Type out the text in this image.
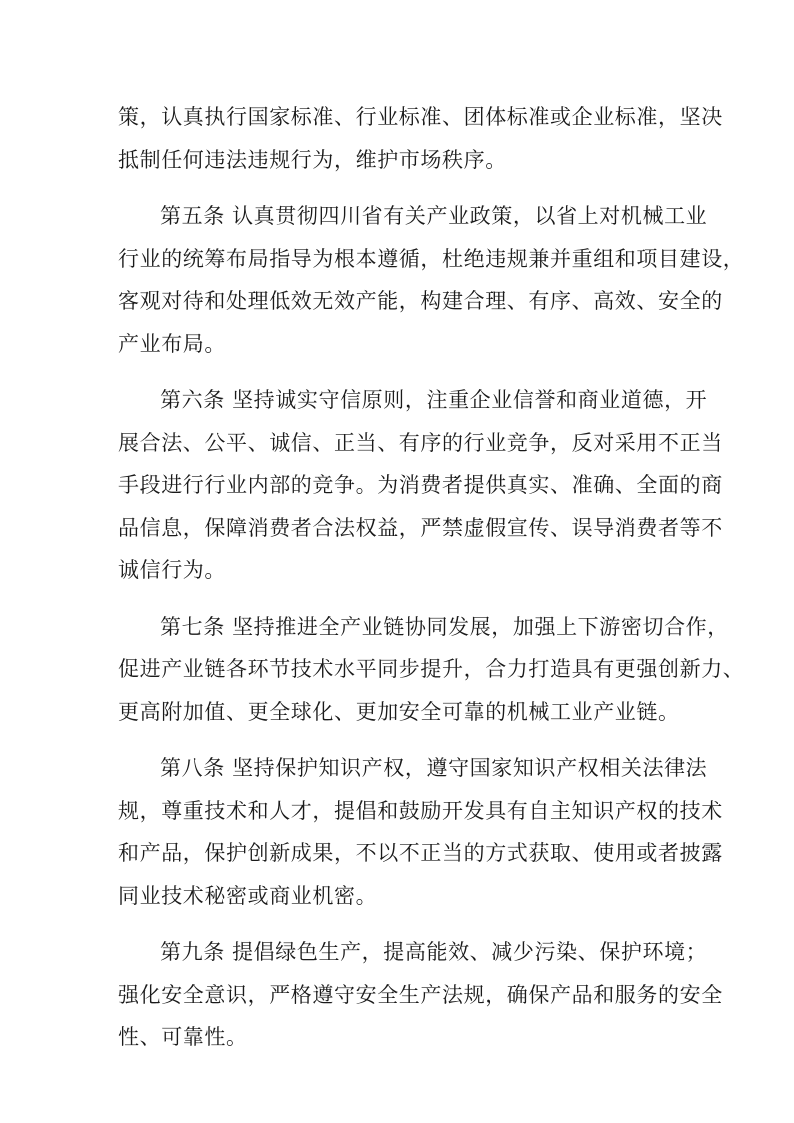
策，认真执行国家标准、行业标准、团体标准或企业标准，坚决
抵制任何违法违规行为，维护市场秩序。

第五条 认真贯彻四川省有关产业政策，以省上对机械工业
行业的统筹布局指导为根本遵循，杜绝违规兼并重组和项目建设，
客观对待和处理低效无效产能，构建合理、有序、高效、安全的
产业布局。

第六条 坚持诚实守信原则，注重企业信誉和商业道德，开
展合法、公平、诚信、正当、有序的行业竞争，反对采用不正当
手段进行行业内部的竞争。为消费者提供真实、准确、全面的商
品信息，保障消费者合法权益，严禁虚假宣传、误导消费者等不
诚信行为。

第七条 坚持推进全产业链协同发展，加强上下游密切合作，
促进产业链各环节技术水平同步提升，合力打造具有更强创新力、
更高附加值、更全球化、更加安全可靠的机械工业产业链。

第八条 坚持保护知识产权，遵守国家知识产权相关法律法
规，尊重技术和人才，提倡和鼓励开发具有自主知识产权的技术
和产品，保护创新成果，不以不正当的方式获取、使用或者披露
同业技术秘密或商业机密。

第九条 提倡绿色生产，提高能效、减少污染、保护环境；
强化安全意识，严格遵守安全生产法规，确保产品和服务的安全
性、可靠性。
